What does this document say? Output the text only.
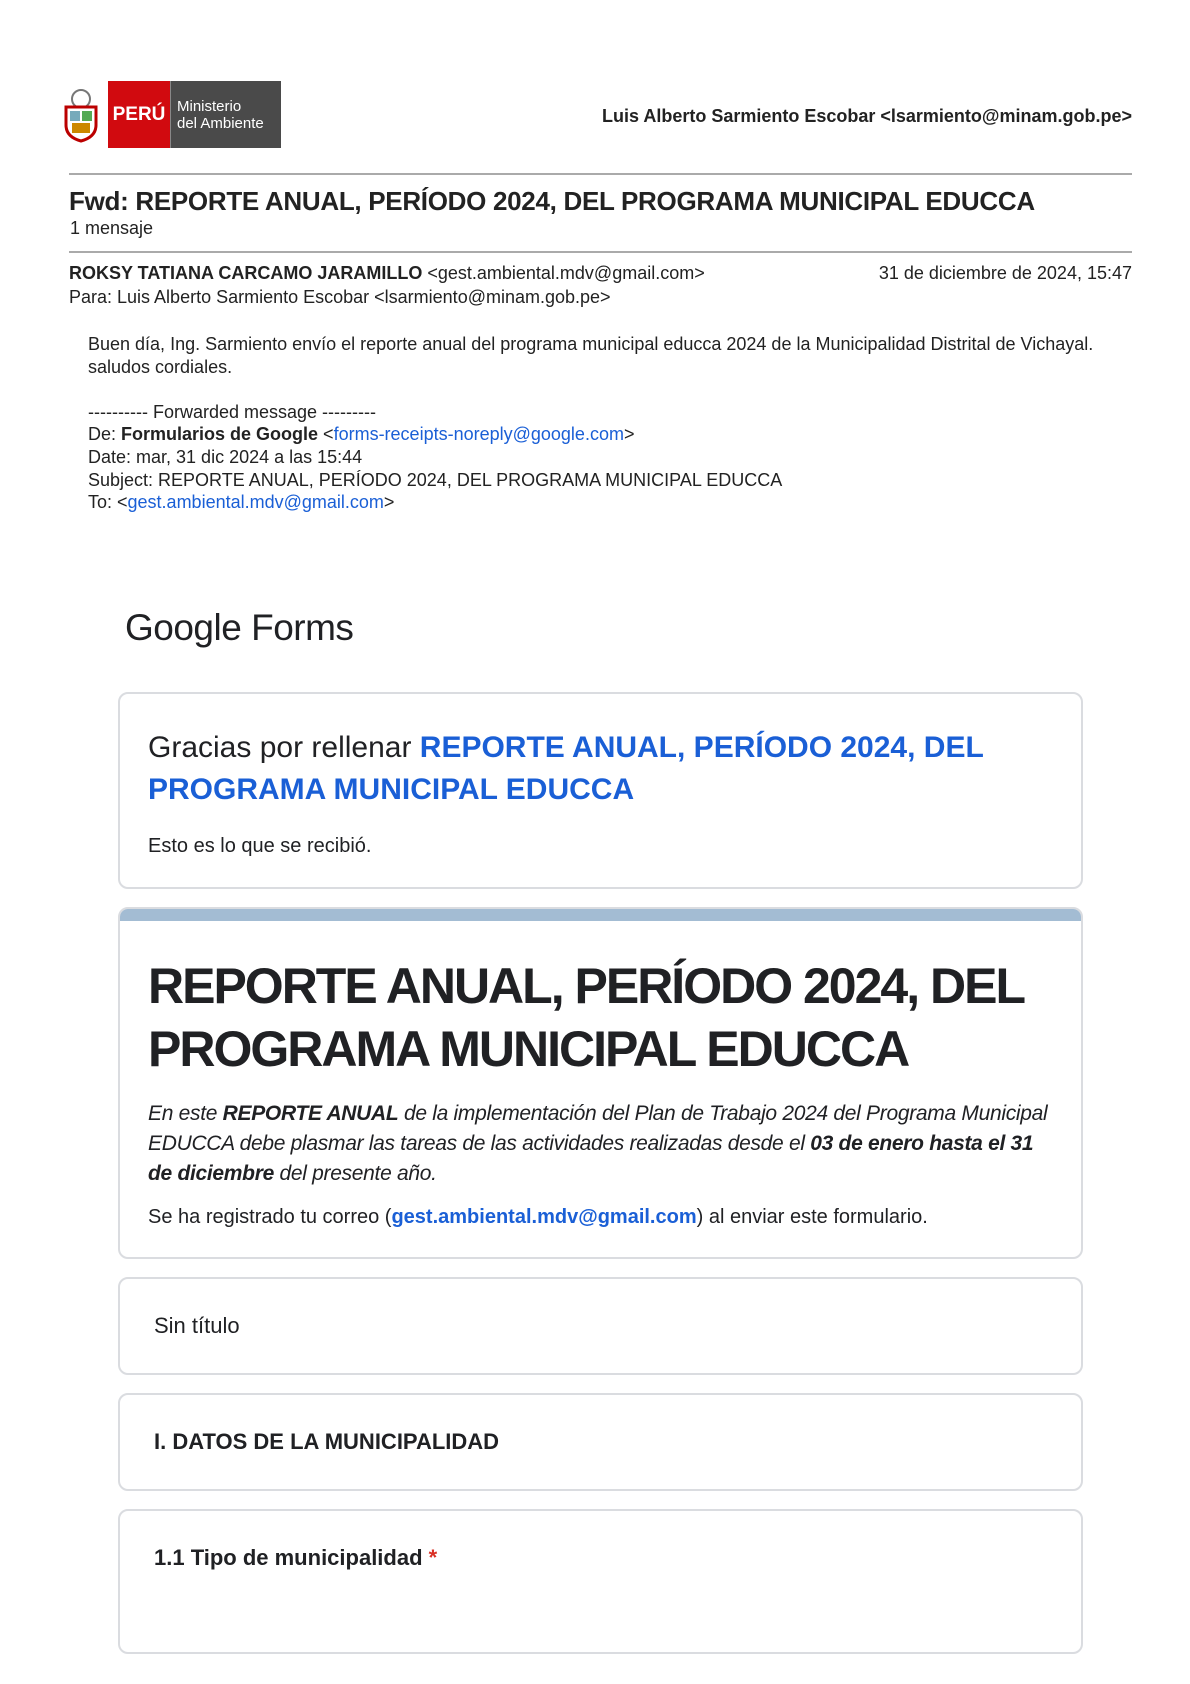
PERÚ Ministerio
del Ambiente	Luis Alberto Sarmiento Escobar <lsarmiento@minam.gob.pe>
Fwd: REPORTE ANUAL, PERÍODO 2024, DEL PROGRAMA MUNICIPAL EDUCCA
1 mensaje
ROKSY TATIANA CARCAMO JARAMILLO <gest.ambiental.mdv@gmail.com>	31 de diciembre de 2024, 15:47
Para: Luis Alberto Sarmiento Escobar <lsarmiento@minam.gob.pe>
Buen día, Ing. Sarmiento envío el reporte anual del programa municipal educca 2024 de la Municipalidad Distrital de Vichayal.
saludos cordiales.
---------- Forwarded message ---------
De: Formularios de Google <forms-receipts-noreply@google.com>
Date: mar, 31 dic 2024 a las 15:44
Subject: REPORTE ANUAL, PERÍODO 2024, DEL PROGRAMA MUNICIPAL EDUCCA
To: <gest.ambiental.mdv@gmail.com>
Google Forms
Gracias por rellenar REPORTE ANUAL, PERÍODO 2024, DEL PROGRAMA MUNICIPAL EDUCCA
Esto es lo que se recibió.
REPORTE ANUAL, PERÍODO 2024, DEL PROGRAMA MUNICIPAL EDUCCA
En este REPORTE ANUAL de la implementación del Plan de Trabajo 2024 del Programa Municipal EDUCCA debe plasmar las tareas de las actividades realizadas desde el 03 de enero hasta el 31 de diciembre del presente año.
Se ha registrado tu correo (gest.ambiental.mdv@gmail.com) al enviar este formulario.
Sin título
I. DATOS DE LA MUNICIPALIDAD
1.1 Tipo de municipalidad *
